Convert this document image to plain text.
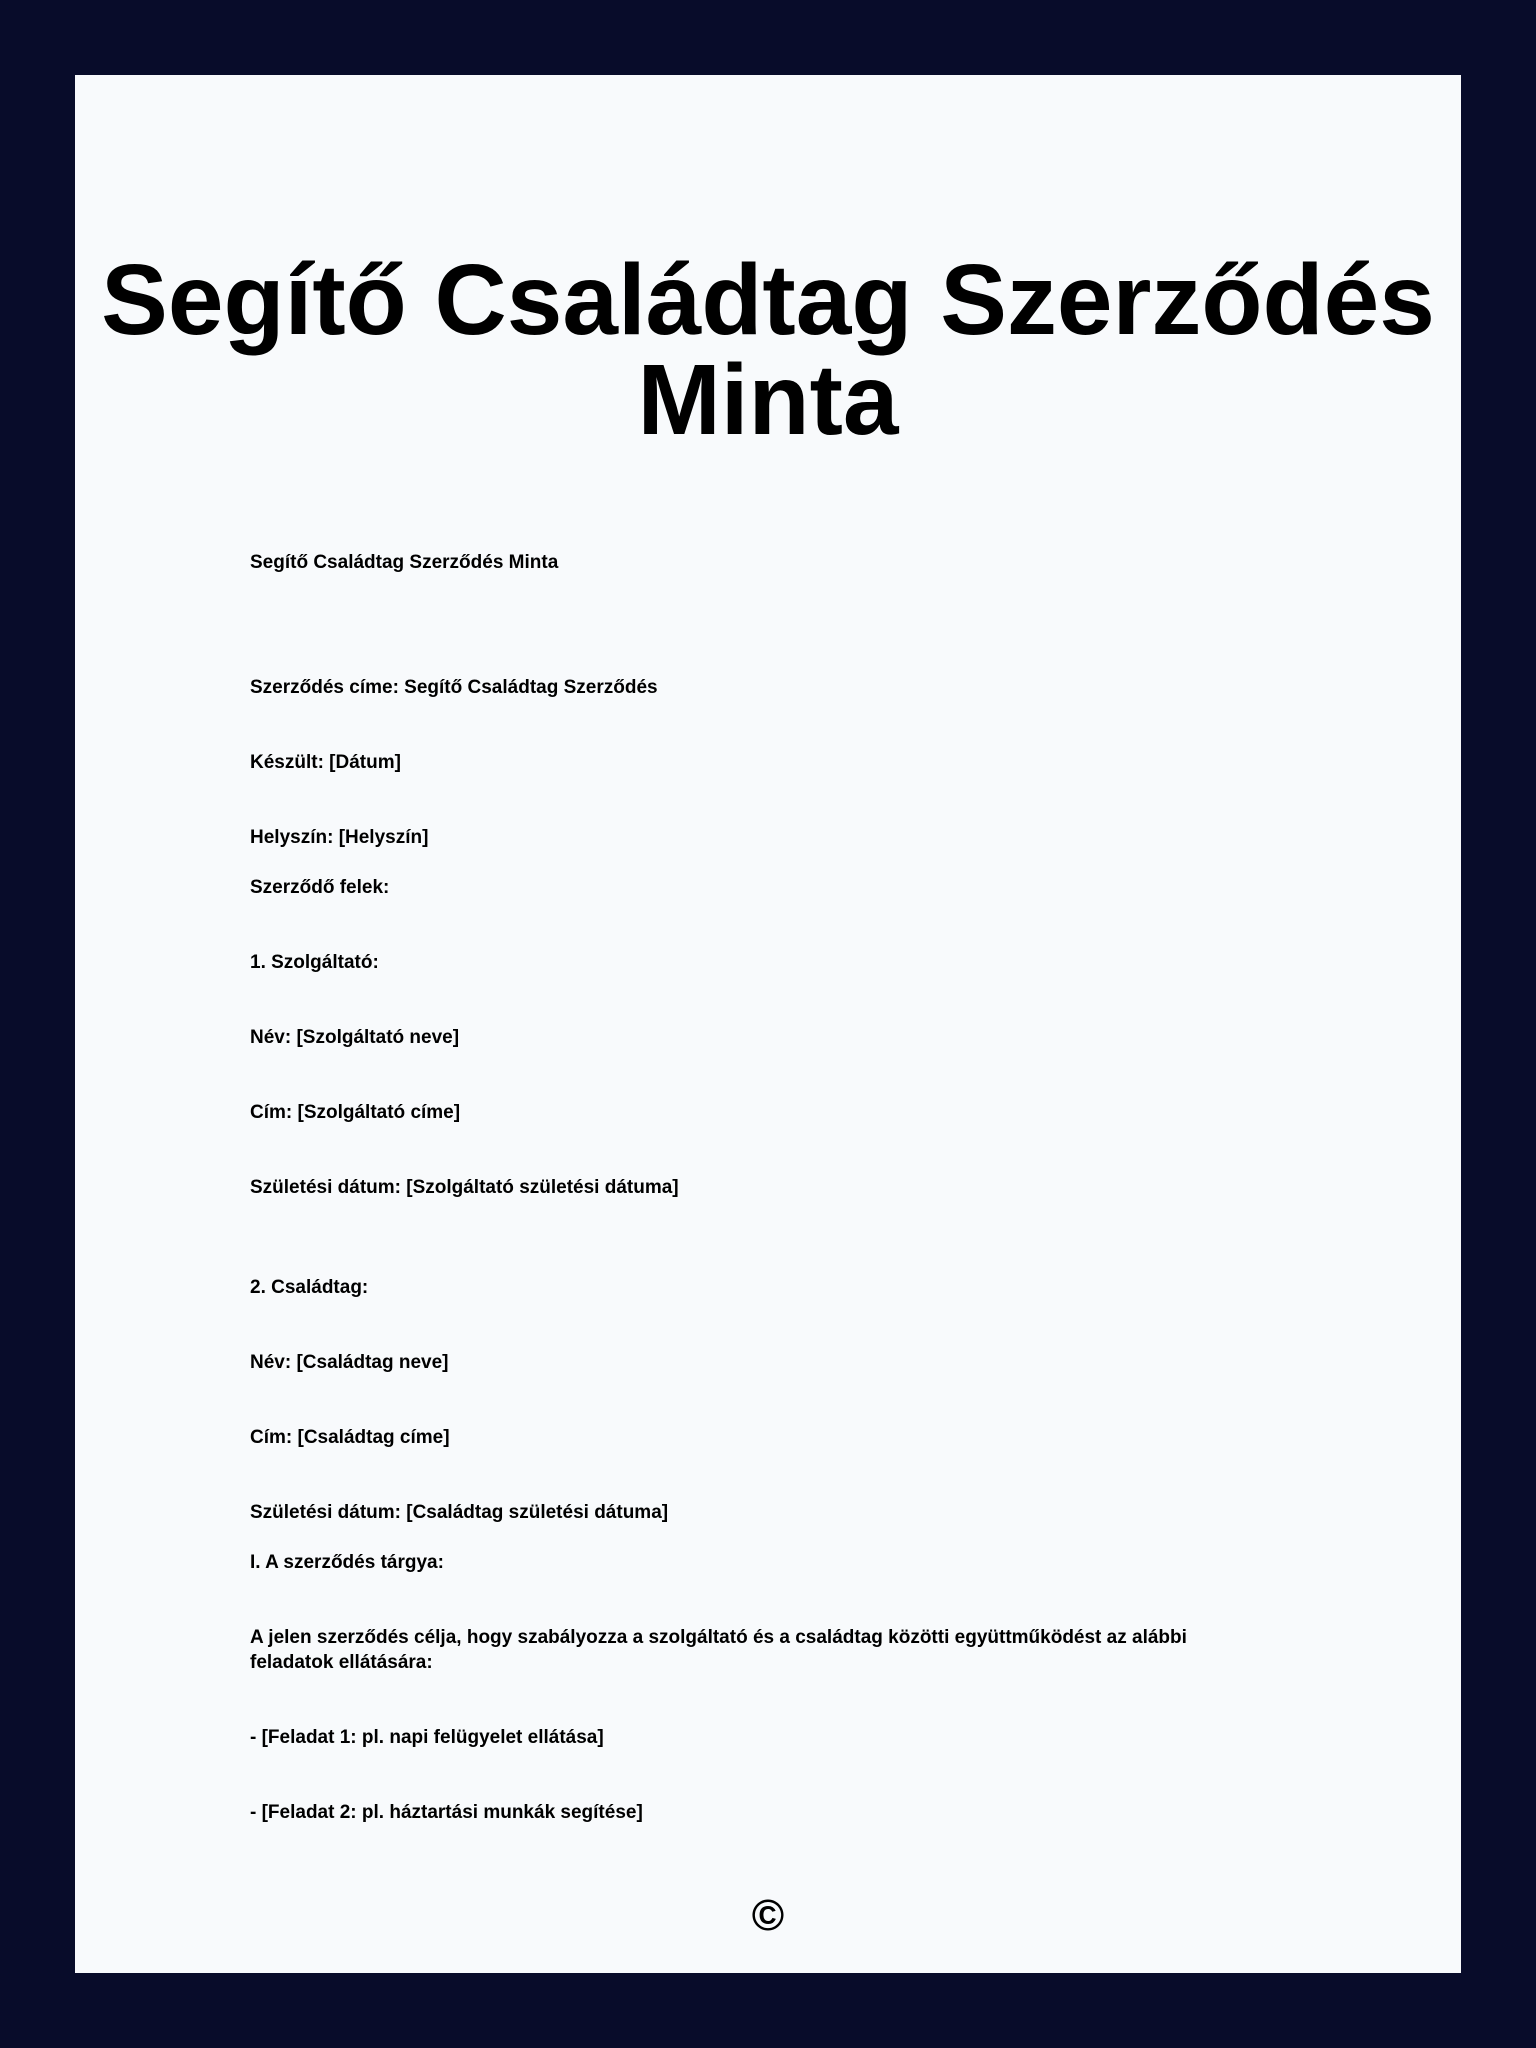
Segítő Családtag Szerződés
Minta

Segítő Családtag Szerződés Minta

Szerződés címe: Segítő Családtag Szerződés

Készült: [Dátum]

Helyszín: [Helyszín]

Szerződő felek:

1. Szolgáltató:

Név: [Szolgáltató neve]

Cím: [Szolgáltató címe]

Születési dátum: [Szolgáltató születési dátuma]

2. Családtag:

Név: [Családtag neve]

Cím: [Családtag címe]

Születési dátum: [Családtag születési dátuma]

I. A szerződés tárgya:

A jelen szerződés célja, hogy szabályozza a szolgáltató és a családtag közötti együttműködést az alábbi feladatok ellátására:

- [Feladat 1: pl. napi felügyelet ellátása]

- [Feladat 2: pl. háztartási munkák segítése]

©
